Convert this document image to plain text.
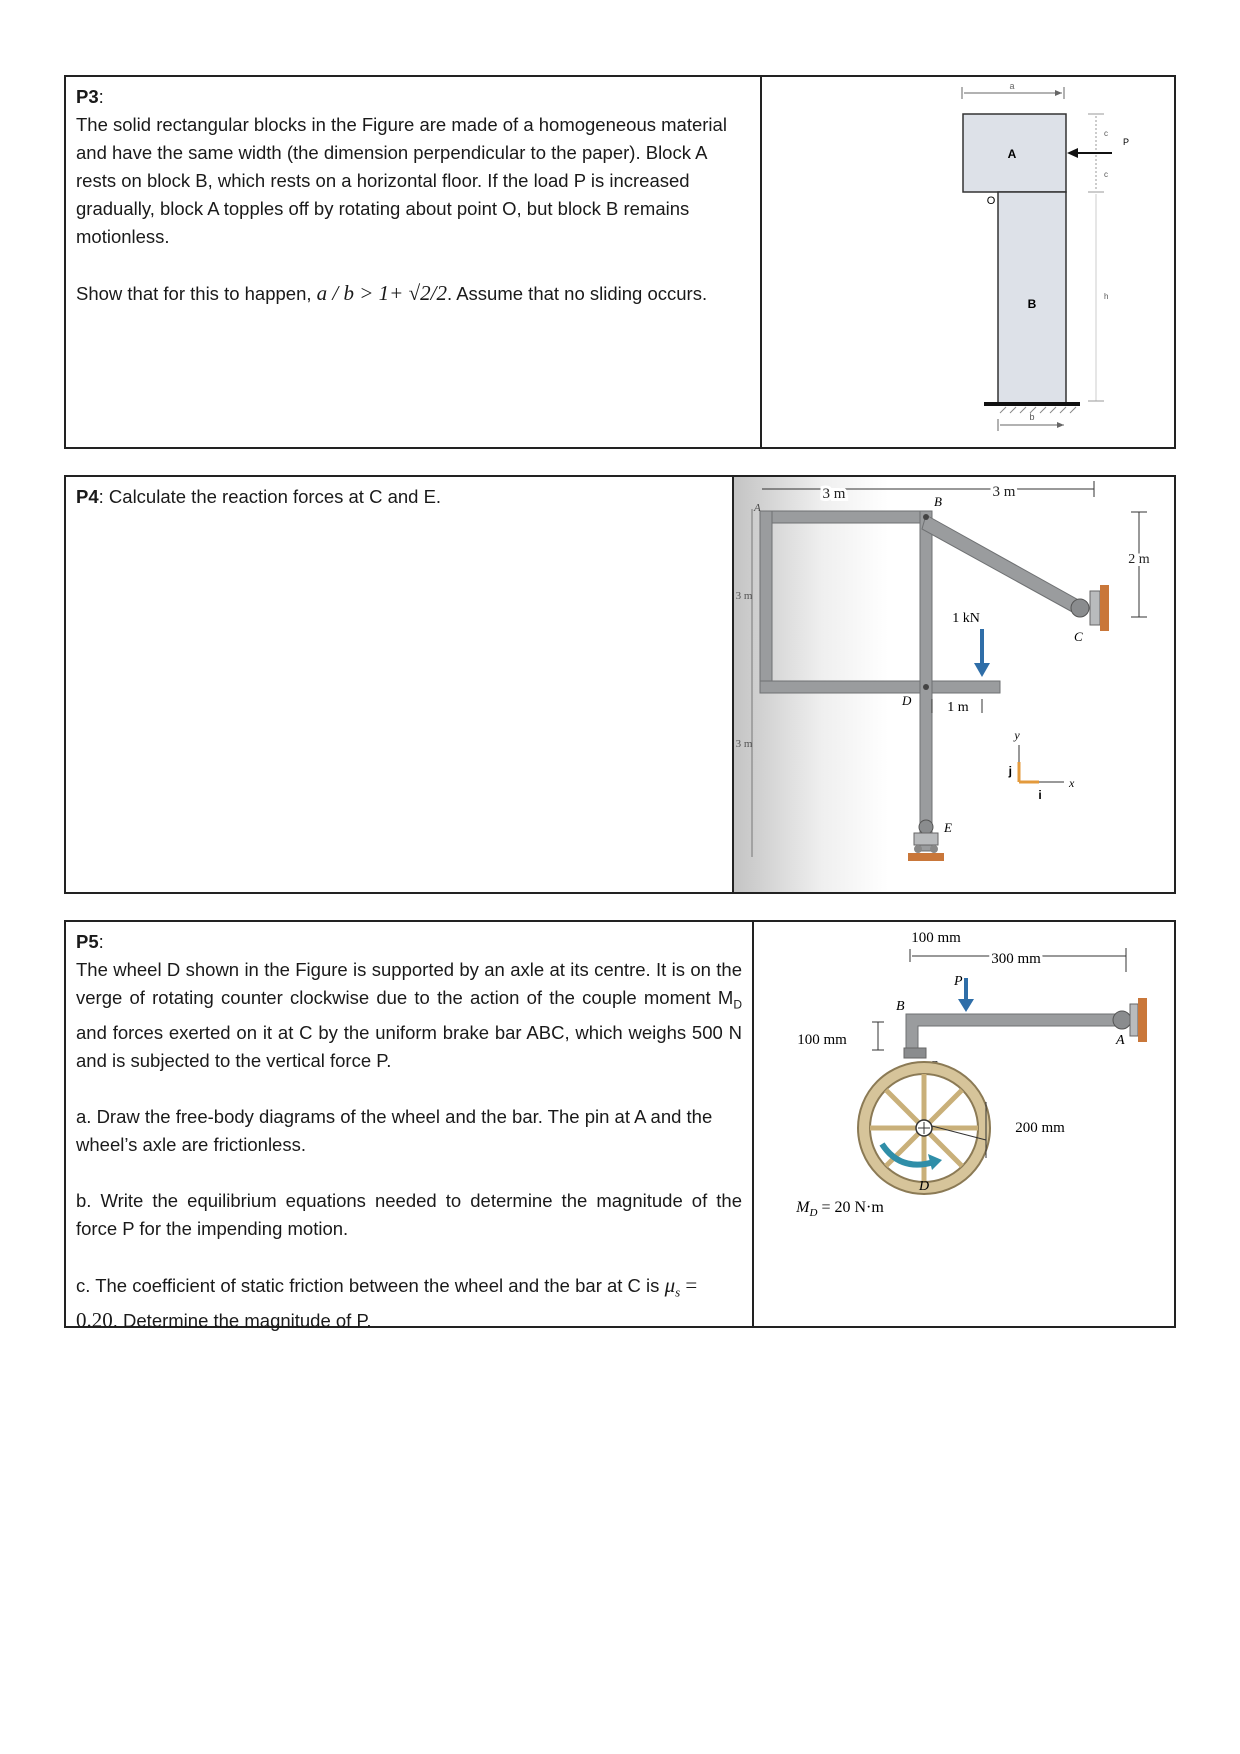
P3:

The solid rectangular blocks in the Figure are made of a homogeneous material and have the same width (the dimension perpendicular to the paper). Block A rests on block B, which rests on a horizontal floor. If the load P is increased gradually, block A topples off by rotating about point O, but block B remains motionless.

Show that for this to happen, a / b > 1+ √2/2. Assume that no sliding occurs.

a
A
B
O
b
P
c
c
h
P4: Calculate the reaction forces at C and E.	3 m	3 m
2 m
3 m
3 m
B
A
D
C
1 kN
1 m
E
y
x
j
i
P5:

The wheel D shown in the Figure is supported by an axle at its centre. It is on the verge of rotating counter clockwise due to the action of the couple moment $M_D$ and forces exerted on it at C by the uniform brake bar ABC, which weighs 500 N and is subjected to the vertical force P.

a. Draw the free-body diagrams of the wheel and the bar. The pin at A and the wheel’s axle are frictionless.

b. Write the equilibrium equations needed to determine the magnitude of the force P for the impending motion.

c. The coefficient of static friction between the wheel and the bar at C is $\mu_s = 0.20$. Determine the magnitude of P.

100 mm
300 mm
100 mm
B
A
P
D
200 mm
$M_D = 20$ N·m
